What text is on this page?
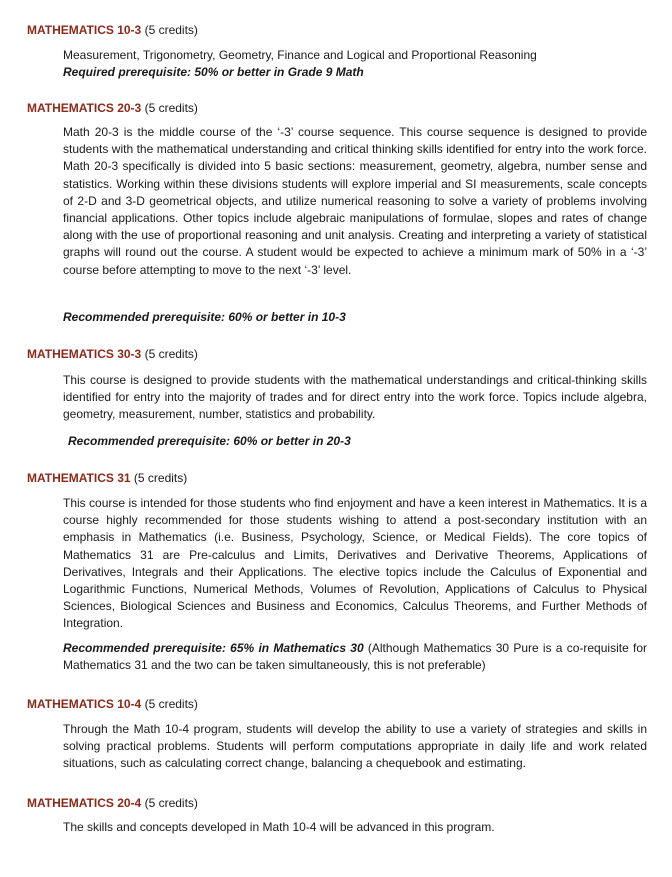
MATHEMATICS 10-3 (5 credits)

Measurement, Trigonometry, Geometry, Finance and Logical and Proportional Reasoning

Required prerequisite: 50% or better in Grade 9 Math

MATHEMATICS 20-3 (5 credits)

Math 20-3 is the middle course of the ‘-3’ course sequence. This course sequence is designed to provide students with the mathematical understanding and critical thinking skills identified for entry into the work force. Math 20-3 specifically is divided into 5 basic sections: measurement, geometry, algebra, number sense and statistics. Working within these divisions students will explore imperial and SI measurements, scale concepts of 2-D and 3-D geometrical objects, and utilize numerical reasoning to solve a variety of problems involving financial applications. Other topics include algebraic manipulations of formulae, slopes and rates of change along with the use of proportional reasoning and unit analysis. Creating and interpreting a variety of statistical graphs will round out the course. A student would be expected to achieve a minimum mark of 50% in a ‘-3’ course before attempting to move to the next ‘-3’ level.

Recommended prerequisite: 60% or better in 10-3

MATHEMATICS 30-3 (5 credits)

This course is designed to provide students with the mathematical understandings and critical-thinking skills identified for entry into the majority of trades and for direct entry into the work force. Topics include algebra, geometry, measurement, number, statistics and probability.

Recommended prerequisite: 60% or better in 20-3

MATHEMATICS 31 (5 credits)

This course is intended for those students who find enjoyment and have a keen interest in Mathematics. It is a course highly recommended for those students wishing to attend a post-secondary institution with an emphasis in Mathematics (i.e. Business, Psychology, Science, or Medical Fields). The core topics of Mathematics 31 are Pre-calculus and Limits, Derivatives and Derivative Theorems, Applications of Derivatives, Integrals and their Applications. The elective topics include the Calculus of Exponential and Logarithmic Functions, Numerical Methods, Volumes of Revolution, Applications of Calculus to Physical Sciences, Biological Sciences and Business and Economics, Calculus Theorems, and Further Methods of Integration.

Recommended prerequisite: 65% in Mathematics 30 (Although Mathematics 30 Pure is a co-requisite for Mathematics 31 and the two can be taken simultaneously, this is not preferable)

MATHEMATICS 10-4 (5 credits)

Through the Math 10-4 program, students will develop the ability to use a variety of strategies and skills in solving practical problems. Students will perform computations appropriate in daily life and work related situations, such as calculating correct change, balancing a chequebook and estimating.

MATHEMATICS 20-4 (5 credits)

The skills and concepts developed in Math 10-4 will be advanced in this program.
